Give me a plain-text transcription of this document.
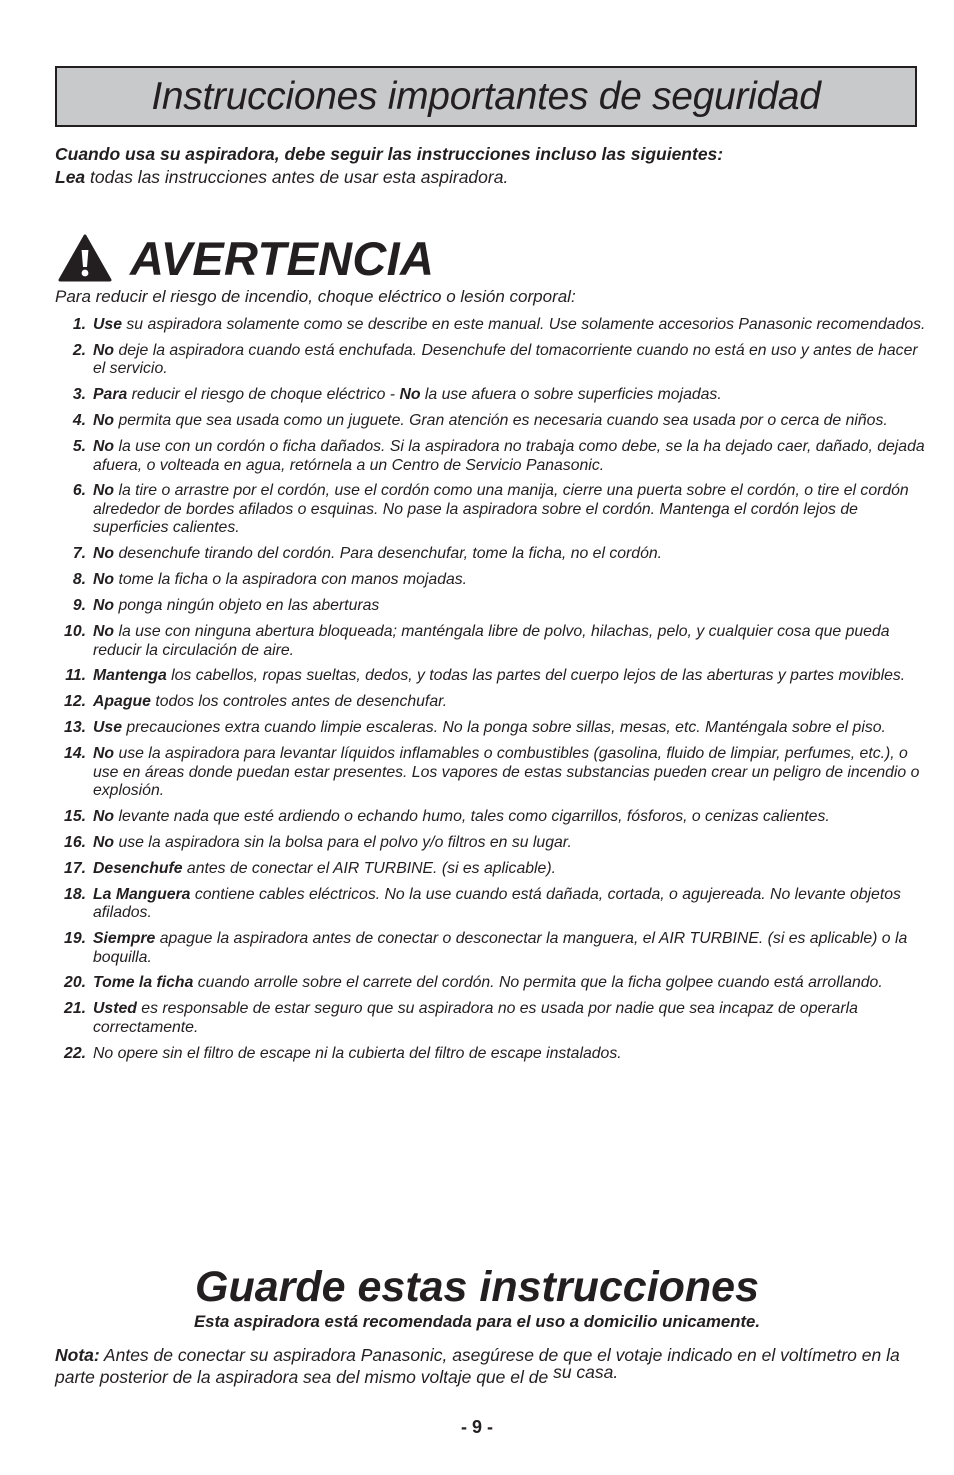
Instrucciones importantes de seguridad
Cuando usa su aspiradora, debe seguir las instrucciones incluso las siguientes:
Lea todas las instrucciones antes de usar esta aspiradora.
AVERTENCIA
Para reducir el riesgo de incendio, choque eléctrico o lesión corporal:
1. Use su aspiradora solamente como se describe en este manual. Use solamente accesorios Panasonic recomendados.
2. No deje la aspiradora cuando está enchufada. Desenchufe del tomacorriente cuando no está en uso y antes de hacer el servicio.
3. Para reducir el riesgo de choque eléctrico - No la use afuera o sobre superficies mojadas.
4. No permita que sea usada como un juguete. Gran atención es necesaria cuando sea usada por o cerca de niños.
5. No la use con un cordón o ficha dañados. Si la aspiradora no trabaja como debe, se la ha dejado caer, dañado, dejada afuera, o volteada en agua, retórnela a un Centro de Servicio Panasonic.
6. No la tire o arrastre por el cordón, use el cordón como una manija, cierre una puerta sobre el cordón, o tire el cordón alrededor de bordes afilados o esquinas. No pase la aspiradora sobre el cordón. Mantenga el cordón lejos de superficies calientes.
7. No desenchufe tirando del cordón. Para desenchufar, tome la ficha, no el cordón.
8. No tome la ficha o la aspiradora con manos mojadas.
9. No ponga ningún objeto en las aberturas
10. No la use con ninguna abertura bloqueada; manténgala libre de polvo, hilachas, pelo, y cualquier cosa que pueda reducir la circulación de aire.
11. Mantenga los cabellos, ropas sueltas, dedos, y todas las partes del cuerpo lejos de las aberturas y partes movibles.
12. Apague todos los controles antes de desenchufar.
13. Use precauciones extra cuando limpie escaleras. No la ponga sobre sillas, mesas, etc. Manténgala sobre el piso.
14. No use la aspiradora para levantar líquidos inflamables o combustibles (gasolina, fluido de limpiar, perfumes, etc.), o use en áreas donde puedan estar presentes. Los vapores de estas substancias pueden crear un peligro de incendio o explosión.
15. No levante nada que esté ardiendo o echando humo, tales como cigarrillos, fósforos, o cenizas calientes.
16. No use la aspiradora sin la bolsa para el polvo y/o filtros en su lugar.
17. Desenchufe antes de conectar el AIR TURBINE. (si es aplicable).
18. La Manguera contiene cables eléctricos. No la use cuando está dañada, cortada, o agujereada. No levante objetos afilados.
19. Siempre apague la aspiradora antes de conectar o desconectar la manguera, el AIR TURBINE. (si es aplicable) o la boquilla.
20. Tome la ficha cuando arrolle sobre el carrete del cordón. No permita que la ficha golpee cuando está arrollando.
21. Usted es responsable de estar seguro que su aspiradora no es usada por nadie que sea incapaz de operarla correctamente.
22. No opere sin el filtro de escape ni la cubierta del filtro de escape instalados.
Guarde estas instrucciones
Esta aspiradora está recomendada para el uso a domicilio unicamente.
Nota: Antes de conectar su aspiradora Panasonic, asegúrese de que el votaje indicado en el voltímetro en la parte posterior de la aspiradora sea del mismo voltaje que el de su casa.
- 9 -
